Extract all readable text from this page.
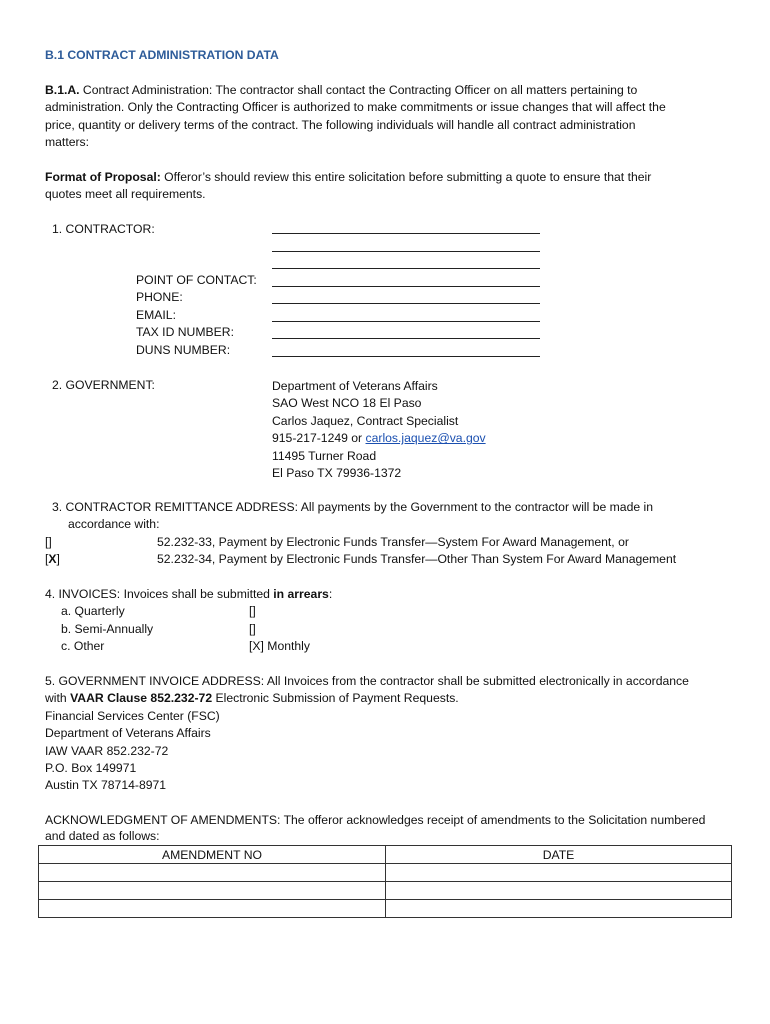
B.1 CONTRACT ADMINISTRATION DATA
B.1.A. Contract Administration: The contractor shall contact the Contracting Officer on all matters pertaining to
administration. Only the Contracting Officer is authorized to make commitments or issue changes that will affect the
price, quantity or delivery terms of the contract. The following individuals will handle all contract administration
matters:
Format of Proposal: Offeror’s should review this entire solicitation before submitting a quote to ensure that their
quotes meet all requirements.
1. CONTRACTOR:
POINT OF CONTACT:
PHONE:
EMAIL:
TAX ID NUMBER:
DUNS NUMBER:
2. GOVERNMENT:	Department of Veterans Affairs
SAO West NCO 18 El Paso
Carlos Jaquez, Contract Specialist
915-217-1249 or carlos.jaquez@va.gov
11495 Turner Road
El Paso TX 79936-1372
3. CONTRACTOR REMITTANCE ADDRESS: All payments by the Government to the contractor will be made in
accordance with:
[]	52.232-33, Payment by Electronic Funds Transfer—System For Award Management, or
[X]	52.232-34, Payment by Electronic Funds Transfer—Other Than System For Award Management
4. INVOICES: Invoices shall be submitted in arrears:
a. Quarterly	[]
b. Semi-Annually	[]
c. Other	[X] Monthly
5. GOVERNMENT INVOICE ADDRESS: All Invoices from the contractor shall be submitted electronically in accordance
with VAAR Clause 852.232-72 Electronic Submission of Payment Requests.
Financial Services Center (FSC)
Department of Veterans Affairs
IAW VAAR 852.232-72
P.O. Box 149971
Austin TX 78714-8971
ACKNOWLEDGMENT OF AMENDMENTS: The offeror acknowledges receipt of amendments to the Solicitation numbered
and dated as follows:
AMENDMENT NO	DATE
